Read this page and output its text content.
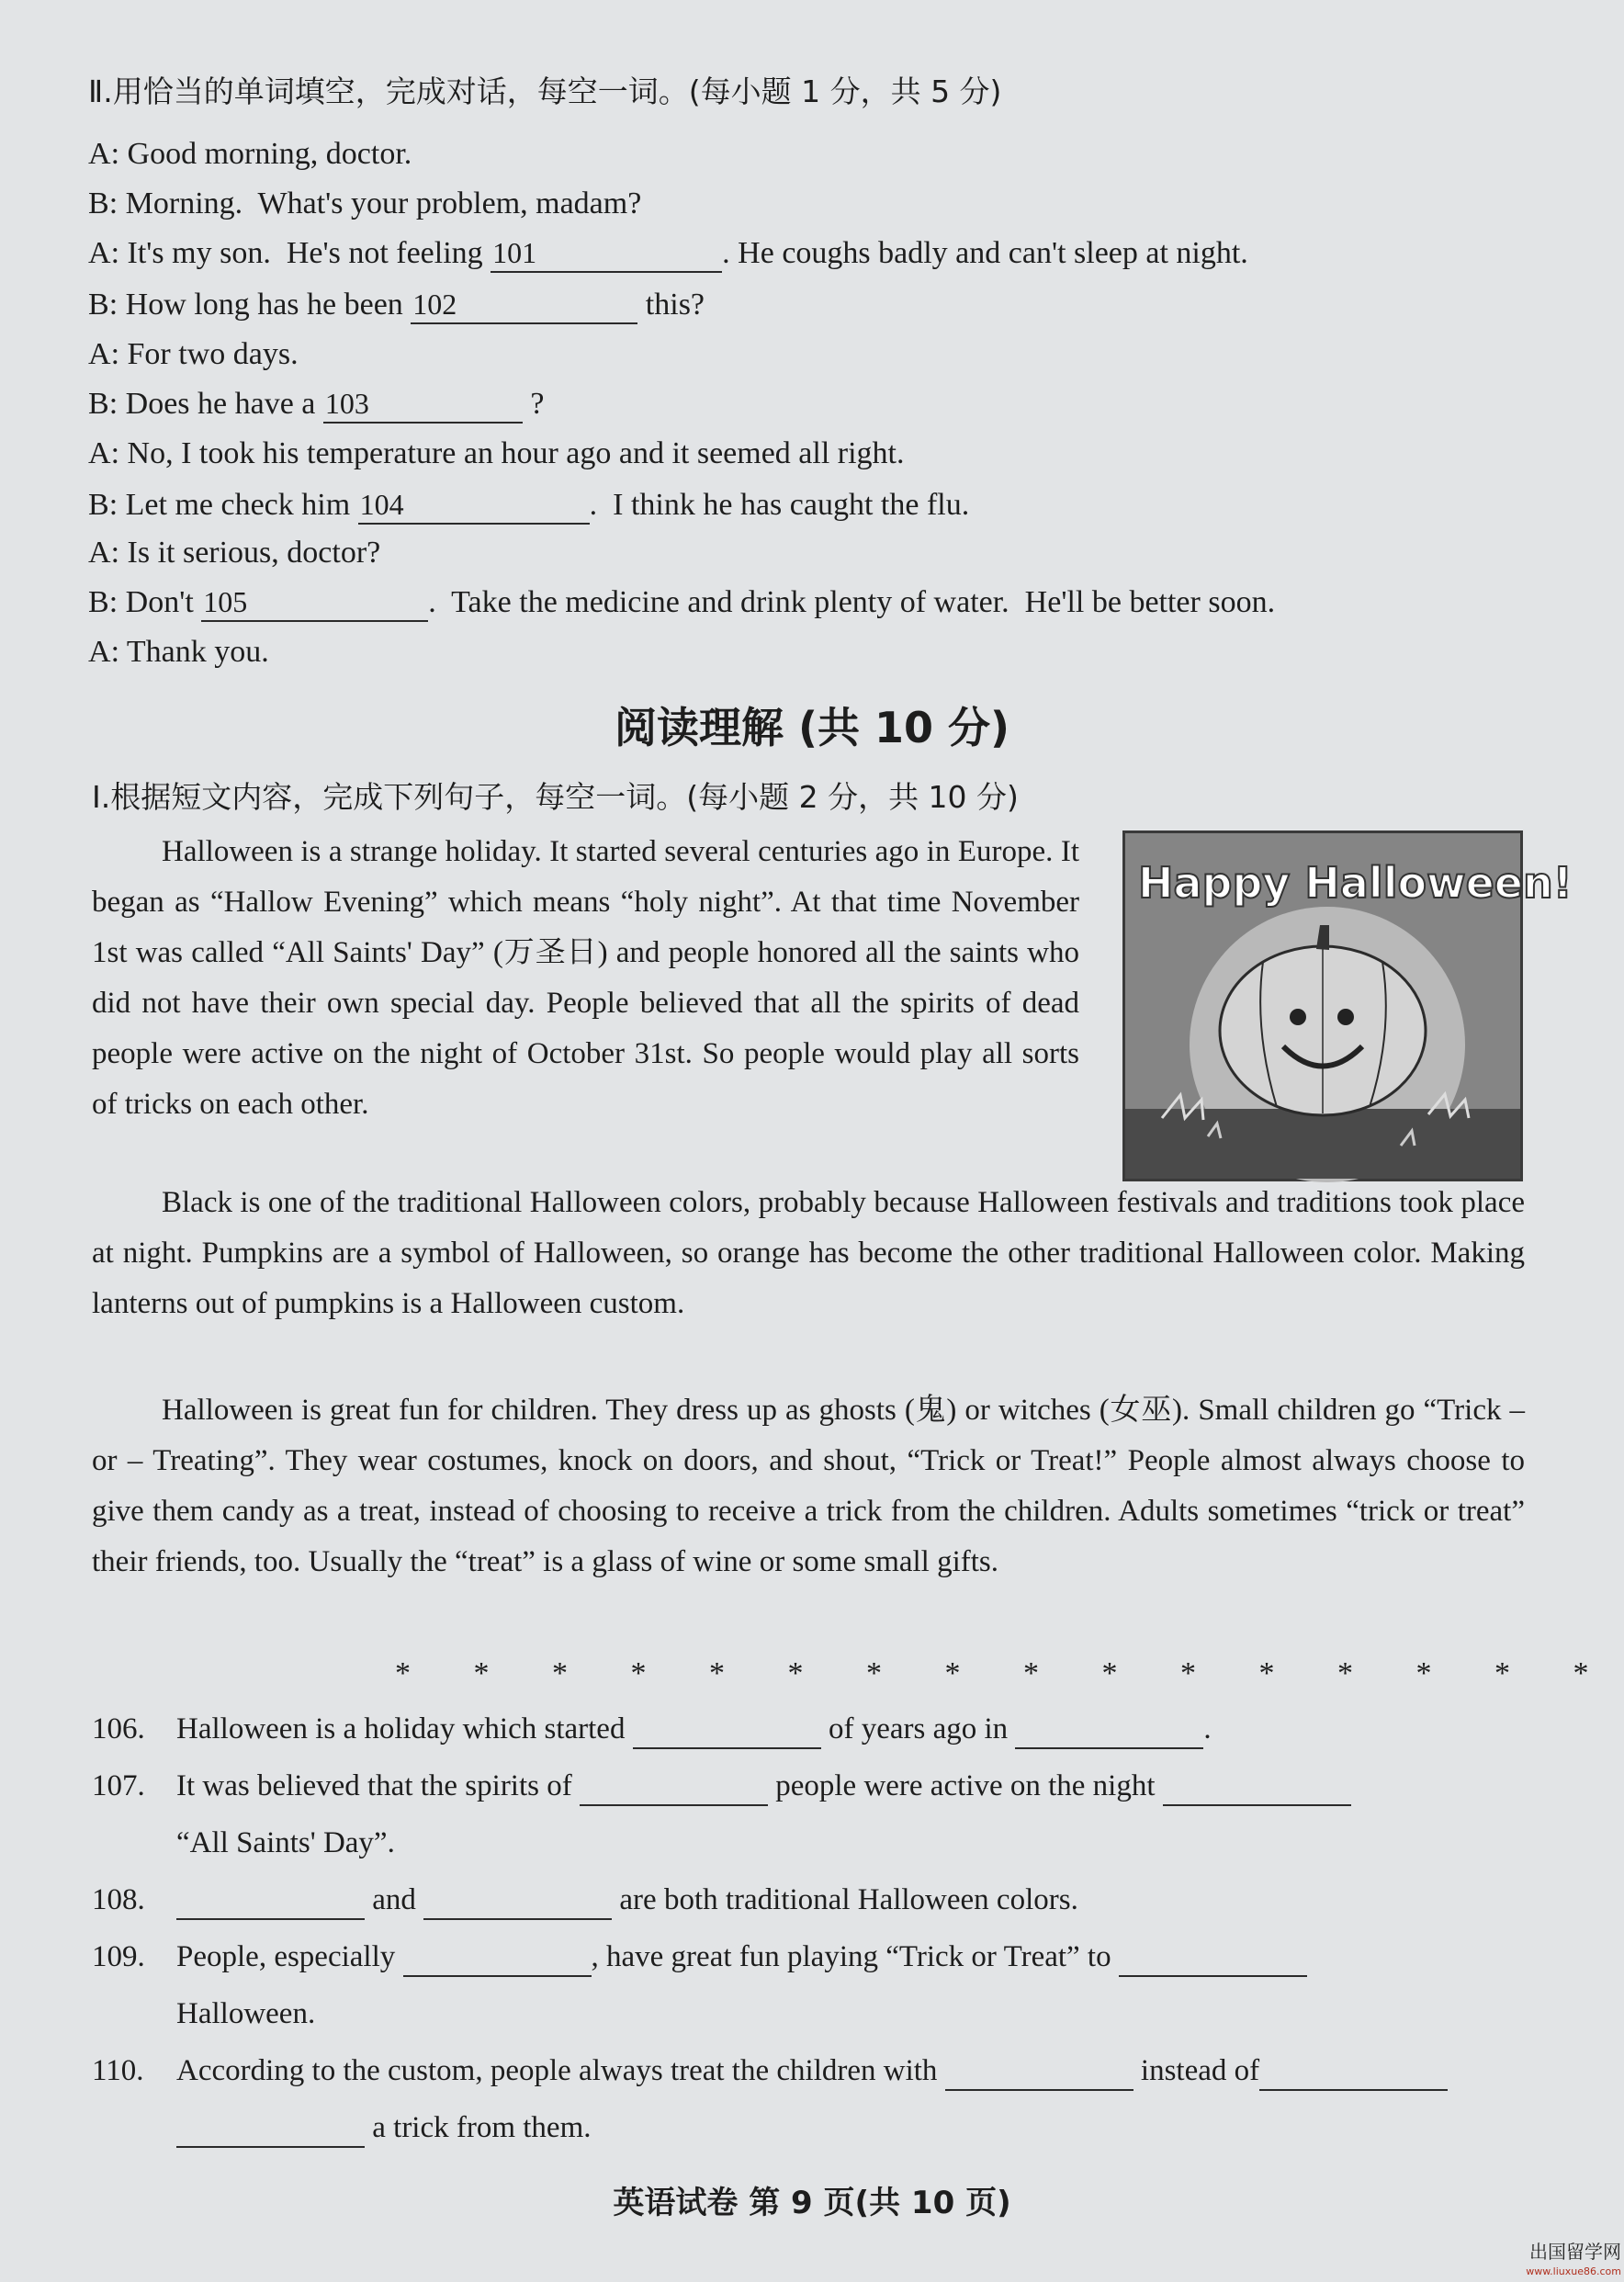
Ⅱ.用恰当的单词填空，完成对话，每空一词。(每小题 1 分，共 5 分)
A: Good morning, doctor.
B: Morning.  What's your problem, madam?
A: It's my son.  He's not feeling 101	. He coughs badly and can't sleep at night.
B: How long has he been 102	this?
A: For two days.
B: Does he have a 103	?
A: No, I took his temperature an hour ago and it seemed all right.
B: Let me check him 104	.  I think he has caught the flu.
A: Is it serious, doctor?
B: Don't 105	.  Take the medicine and drink plenty of water.  He'll be better soon.
A: Thank you.
阅读理解 (共 10 分)
Ⅰ.根据短文内容，完成下列句子，每空一词。(每小题 2 分，共 10 分)

Halloween is a strange holiday. It started several centuries ago in Europe. It began as “Hallow Evening” which means “holy night”. At that time November 1st was called “All Saints' Day” (万圣日) and people honored all the saints who did not have their own special day. People believed that all the spirits of dead people were active on the night of October 31st. So people would play all sorts of tricks on each other.

Black is one of the traditional Halloween colors, probably because Halloween festivals and traditions took place at night. Pumpkins are a symbol of Halloween, so orange has become the other traditional Halloween color. Making lanterns out of pumpkins is a Halloween custom.

Halloween is great fun for children. They dress up as ghosts (鬼) or witches (女巫). Small children go “Trick – or – Treating”. They wear costumes, knock on doors, and shout, “Trick or Treat!” People almost always choose to give them candy as a treat, instead of choosing to receive a trick from the children. Adults sometimes “trick or treat” their friends, too. Usually the “treat” is a glass of wine or some small gifts.

Happy Halloween!
* * * * * * * * * * * * * * * *
106. Halloween is a holiday which started	of years ago in	.
107. It was believed that the spirits of	people were active on the night
“All Saints' Day”.
108.	and	are both traditional Halloween colors.
109. People, especially	, have great fun playing “Trick or Treat” to
Halloween.
110. According to the custom, people always treat the children with	instead of
a trick from them.
英语试卷 第 9 页(共 10 页)
出国留学网
www.liuxue86.com
